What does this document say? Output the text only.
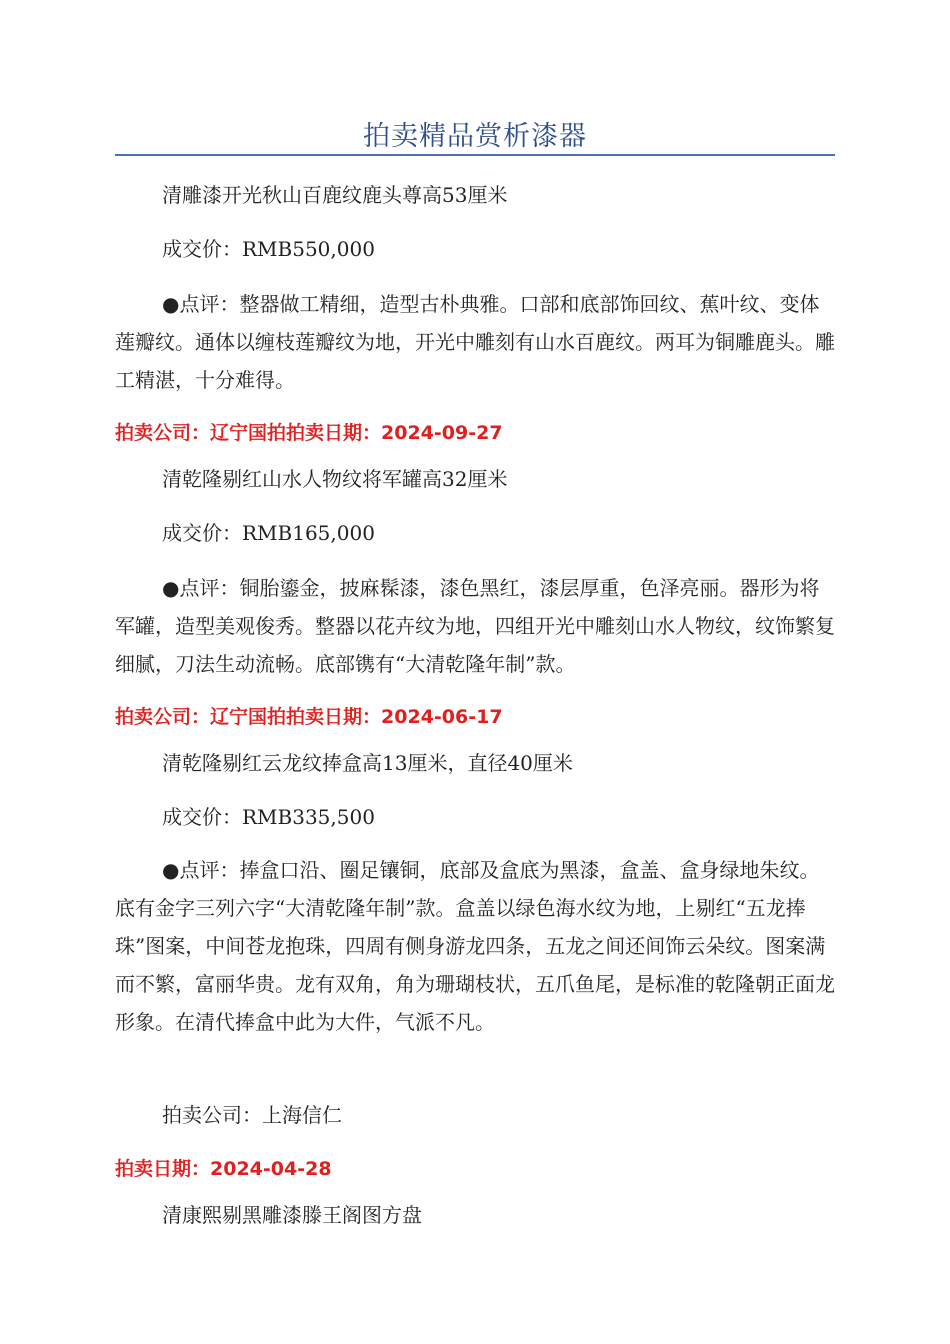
拍卖精品赏析漆器
清雕漆开光秋山百鹿纹鹿头尊高53厘米
成交价：RMB550,000
●点评：整器做工精细，造型古朴典雅。口部和底部饰回纹、蕉叶纹、变体莲瓣纹。通体以缠枝莲瓣纹为地，开光中雕刻有山水百鹿纹。两耳为铜雕鹿头。雕工精湛，十分难得。
拍卖公司：辽宁国拍拍卖日期：2024-09-27
清乾隆剔红山水人物纹将军罐高32厘米
成交价：RMB165,000
●点评：铜胎鎏金，披麻髹漆，漆色黑红，漆层厚重，色泽亮丽。器形为将军罐，造型美观俊秀。整器以花卉纹为地，四组开光中雕刻山水人物纹，纹饰繁复细腻，刀法生动流畅。底部镌有“大清乾隆年制”款。
拍卖公司：辽宁国拍拍卖日期：2024-06-17
清乾隆剔红云龙纹捧盒高13厘米，直径40厘米
成交价：RMB335,500
●点评：捧盒口沿、圈足镶铜，底部及盒底为黑漆，盒盖、盒身绿地朱纹。底有金字三列六字“大清乾隆年制”款。盒盖以绿色海水纹为地，上剔红“五龙捧珠”图案，中间苍龙抱珠，四周有侧身游龙四条，五龙之间还间饰云朵纹。图案满而不繁，富丽华贵。龙有双角，角为珊瑚枝状，五爪鱼尾，是标准的乾隆朝正面龙形象。在清代捧盒中此为大件，气派不凡。
拍卖公司：上海信仁
拍卖日期：2024-04-28
清康熙剔黑雕漆滕王阁图方盘
